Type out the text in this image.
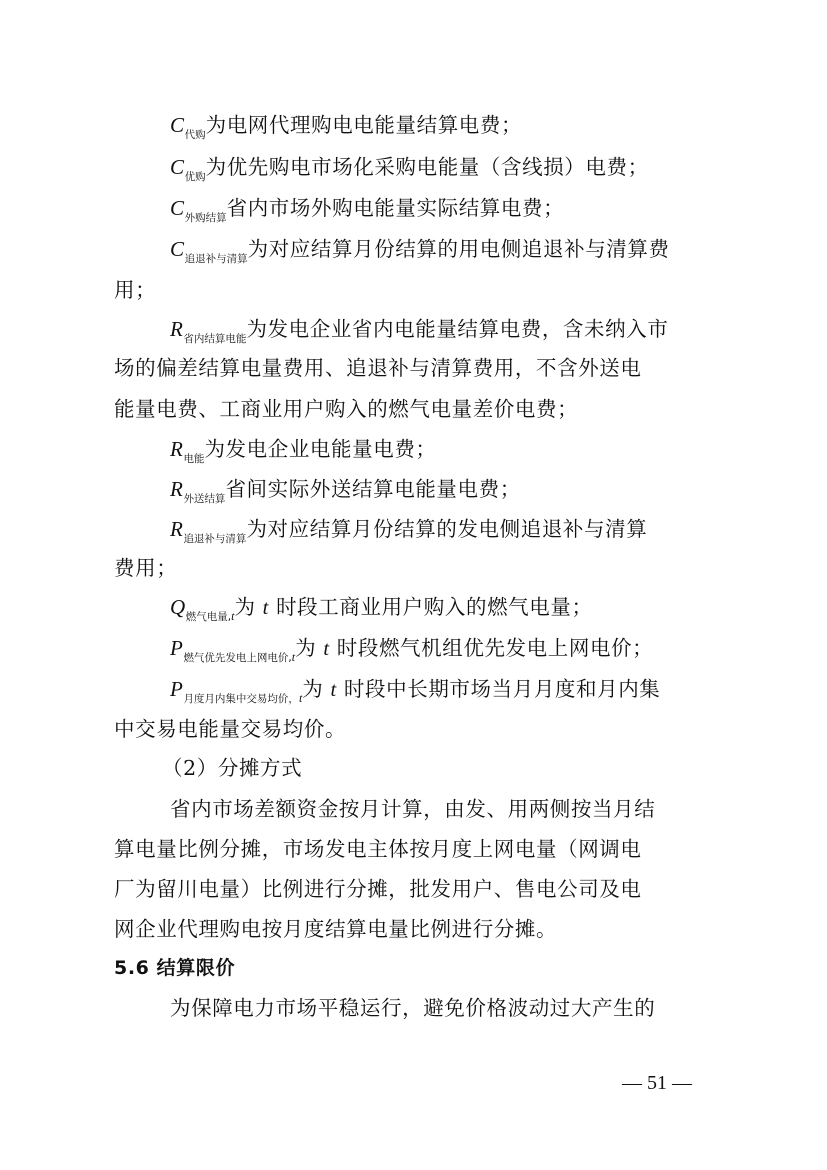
$C_{代购}$为电网代理购电电能量结算电费；
$C_{优购}$为优先购电市场化采购电能量（含线损）电费；
$C_{外购结算}$省内市场外购电能量实际结算电费；
$C_{追退补与清算}$为对应结算月份结算的用电侧追退补与清算费
用；
$R_{省内结算电能}$为发电企业省内电能量结算电费，含未纳入市
场的偏差结算电量费用、追退补与清算费用，不含外送电
能量电费、工商业用户购入的燃气电量差价电费；
$R_{电能}$为发电企业电能量电费；
$R_{外送结算}$省间实际外送结算电能量电费；
$R_{追退补与清算}$为对应结算月份结算的发电侧追退补与清算
费用；
$Q_{燃气电量,t}$为 t 时段工商业用户购入的燃气电量；
$P_{燃气优先发电上网电价,t}$为 t 时段燃气机组优先发电上网电价；
$P_{月度月内集中交易均价,t}$为 t 时段中长期市场当月月度和月内集
中交易电能量交易均价。
（2）分摊方式
省内市场差额资金按月计算，由发、用两侧按当月结
算电量比例分摊，市场发电主体按月度上网电量（网调电
厂为留川电量）比例进行分摊，批发用户、售电公司及电
网企业代理购电按月度结算电量比例进行分摊。
5.6 结算限价
为保障电力市场平稳运行，避免价格波动过大产生的
— 51 —
